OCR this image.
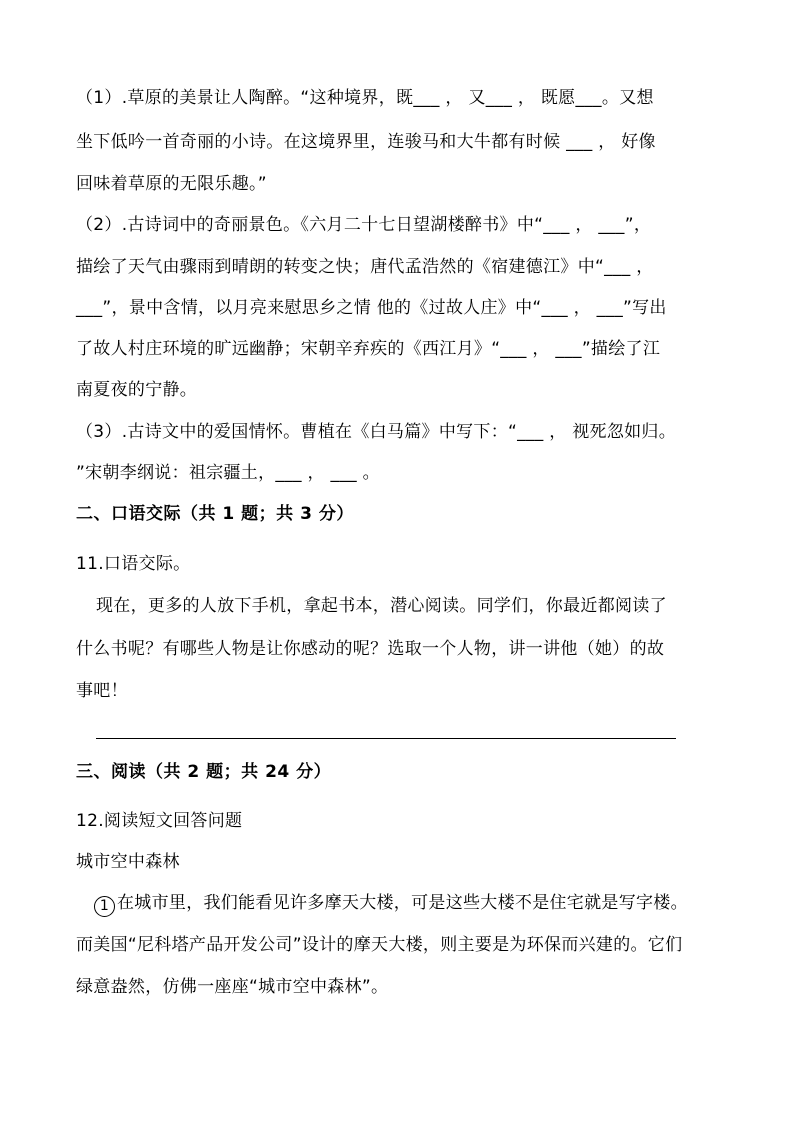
（1）.草原的美景让人陶醉。“这种境界，既___ ， 又___ ， 既愿___。又想
坐下低吟一首奇丽的小诗。在这境界里，连骏马和大牛都有时候 ___ ， 好像
回味着草原的无限乐趣。”
（2）.古诗词中的奇丽景色。《六月二十七日望湖楼醉书》中“___ ， ___”，
描绘了天气由骤雨到晴朗的转变之快；唐代孟浩然的《宿建德江》中“___ ，
___”，景中含情，以月亮来慰思乡之情 他的《过故人庄》中“___ ， ___”写出
了故人村庄环境的旷远幽静；宋朝辛弃疾的《西江月》“___ ， ___”描绘了江
南夏夜的宁静。
（3）.古诗文中的爱国情怀。曹植在《白马篇》中写下：“___ ， 视死忽如归。
”宋朝李纲说：祖宗疆土，___ ， ___ 。
二、口语交际（共 1 题；共 3 分）
11.口语交际。
现在，更多的人放下手机，拿起书本，潜心阅读。同学们，你最近都阅读了
什么书呢？有哪些人物是让你感动的呢？选取一个人物，讲一讲他（她）的故
事吧！
三、阅读（共 2 题；共 24 分）
12.阅读短文回答问题
城市空中森林
1 在城市里，我们能看见许多摩天大楼，可是这些大楼不是住宅就是写字楼。
而美国“尼科塔产品开发公司”设计的摩天大楼，则主要是为环保而兴建的。它们
绿意盎然，仿佛一座座“城市空中森林”。
